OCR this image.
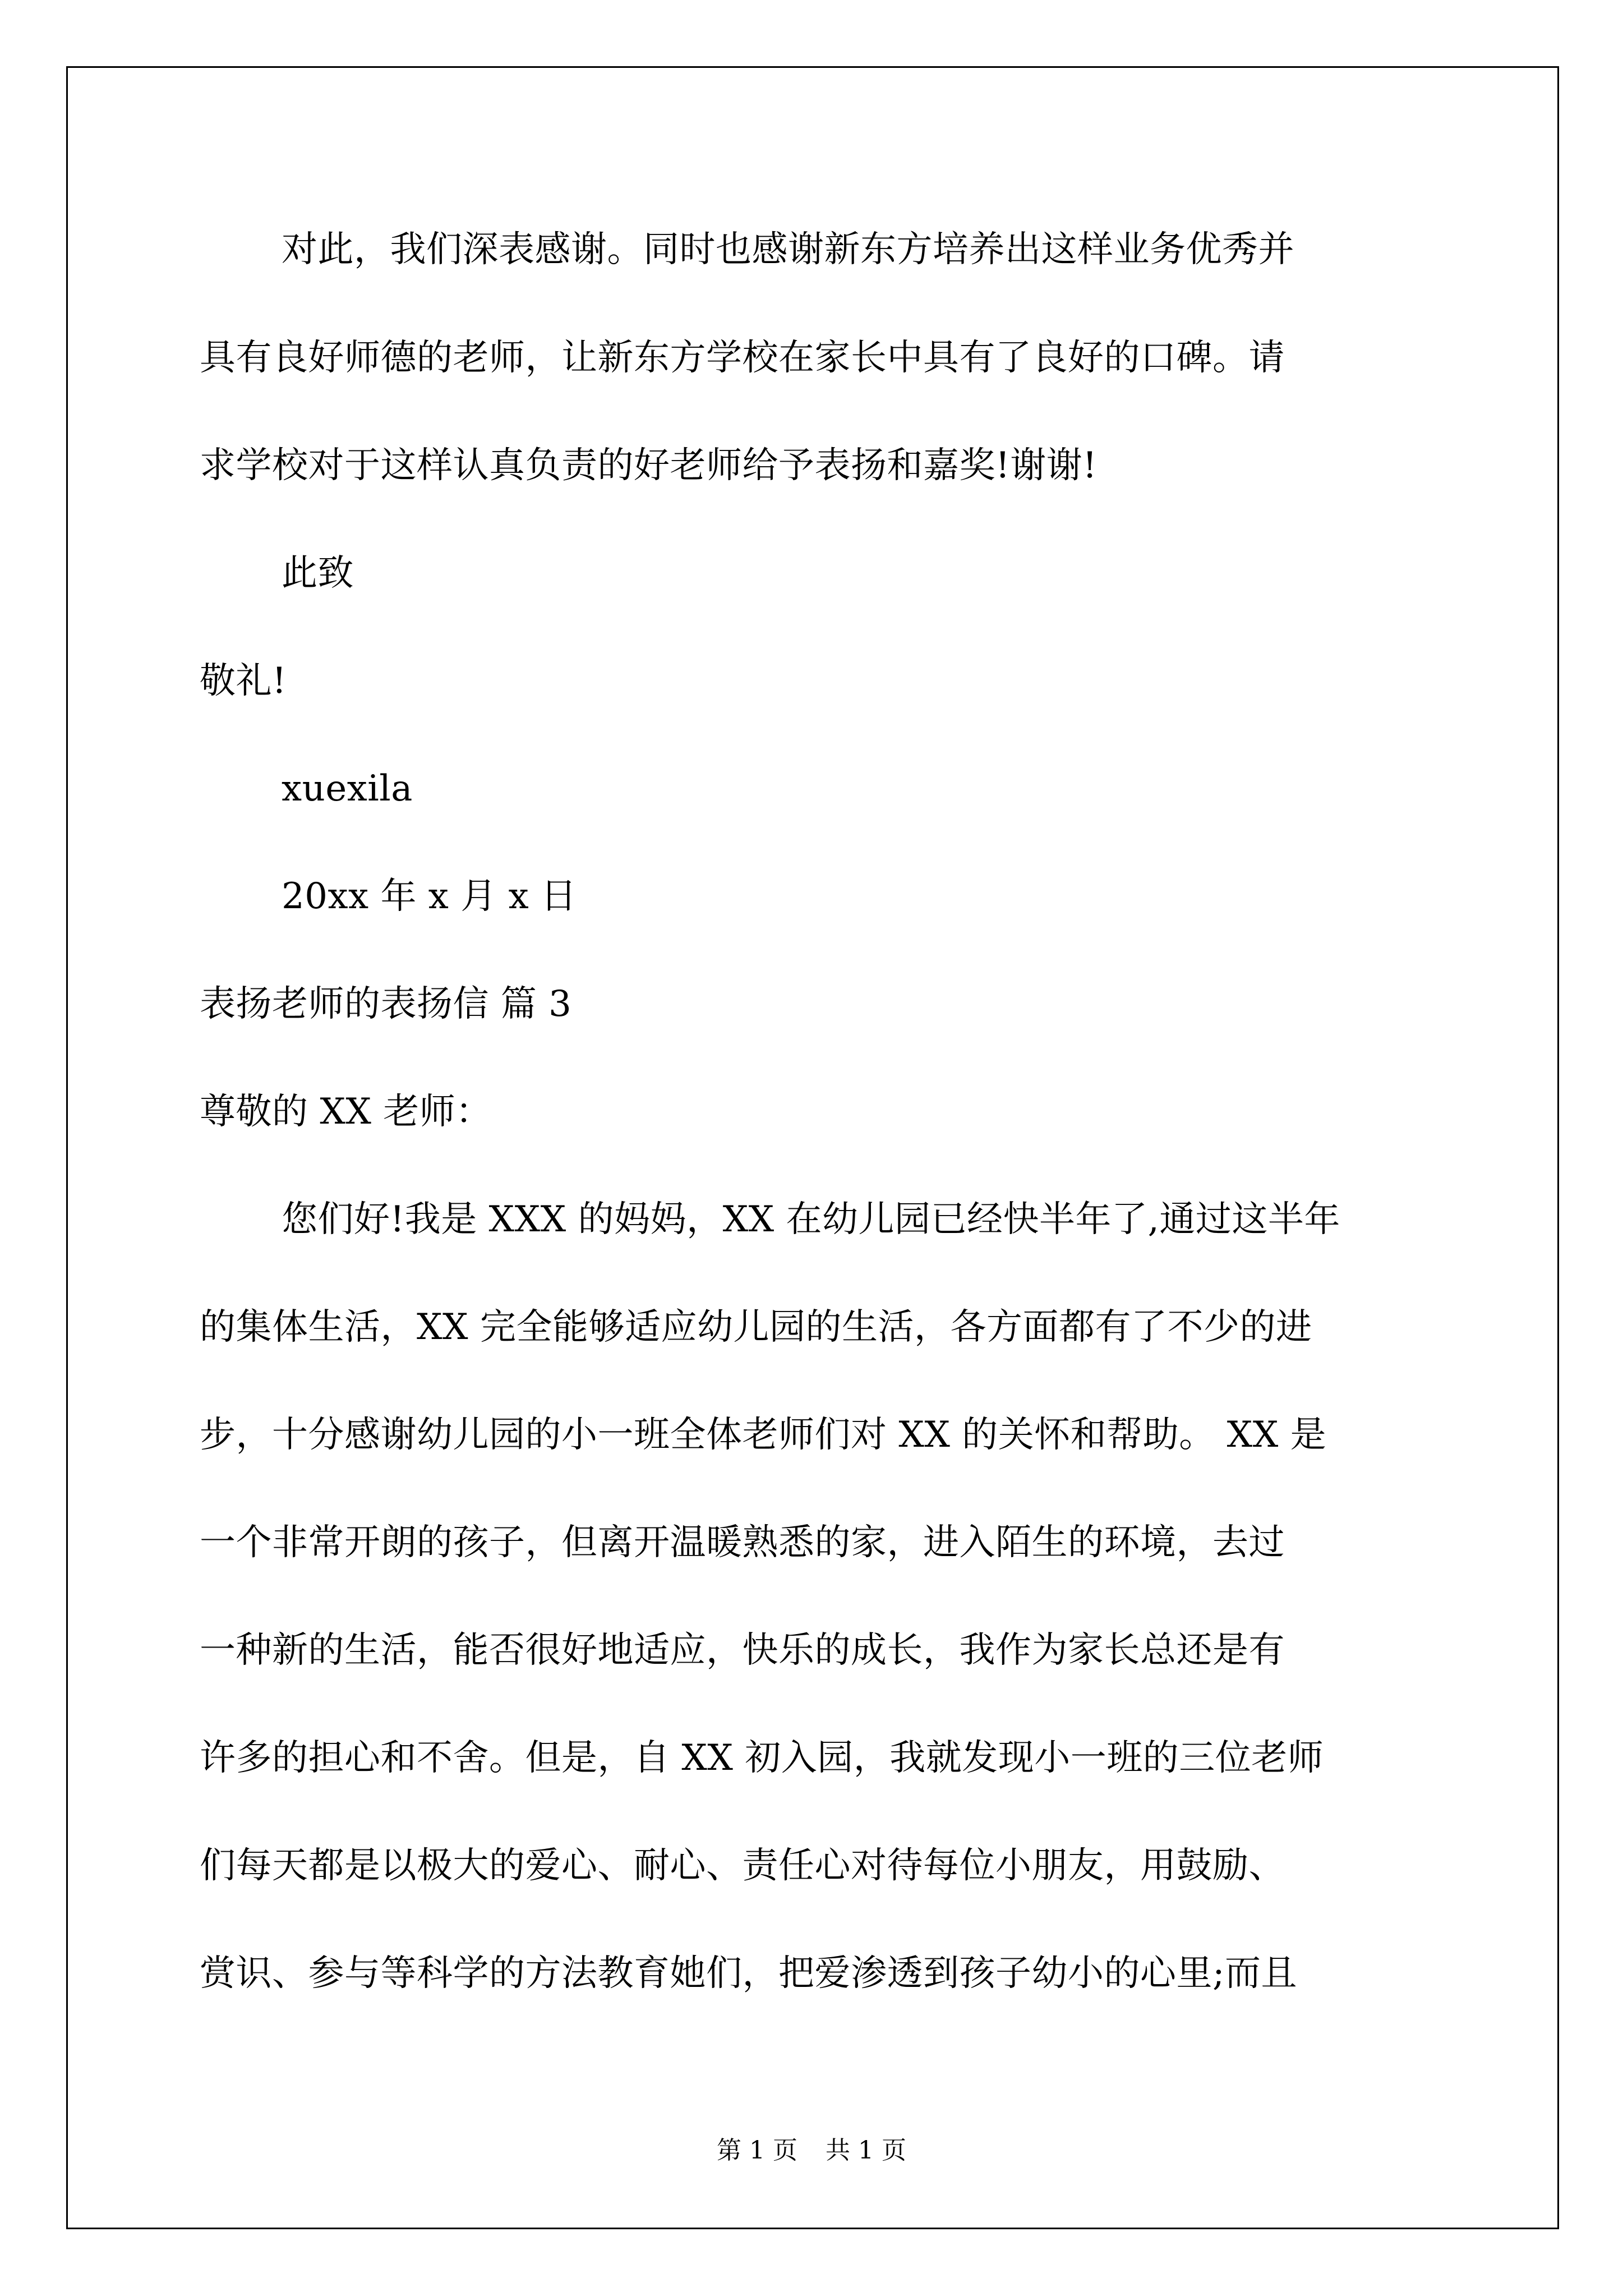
对此，我们深表感谢。同时也感谢新东方培养出这样业务优秀并
具有良好师德的老师，让新东方学校在家长中具有了良好的口碑。请
求学校对于这样认真负责的好老师给予表扬和嘉奖!谢谢!
此致
敬礼!
xuexila
20xx 年 x 月 x 日
表扬老师的表扬信 篇 3
尊敬的 XX 老师：
您们好!我是 XXX 的妈妈，XX 在幼儿园已经快半年了,通过这半年
的集体生活，XX 完全能够适应幼儿园的生活，各方面都有了不少的进
步，十分感谢幼儿园的小一班全体老师们对 XX 的关怀和帮助。 XX 是
一个非常开朗的孩子，但离开温暖熟悉的家，进入陌生的环境，去过
一种新的生活，能否很好地适应，快乐的成长，我作为家长总还是有
许多的担心和不舍。但是，自 XX 初入园，我就发现小一班的三位老师
们每天都是以极大的爱心、耐心、责任心对待每位小朋友，用鼓励、
赏识、参与等科学的方法教育她们，把爱渗透到孩子幼小的心里;而且
第 1 页 共 1 页
